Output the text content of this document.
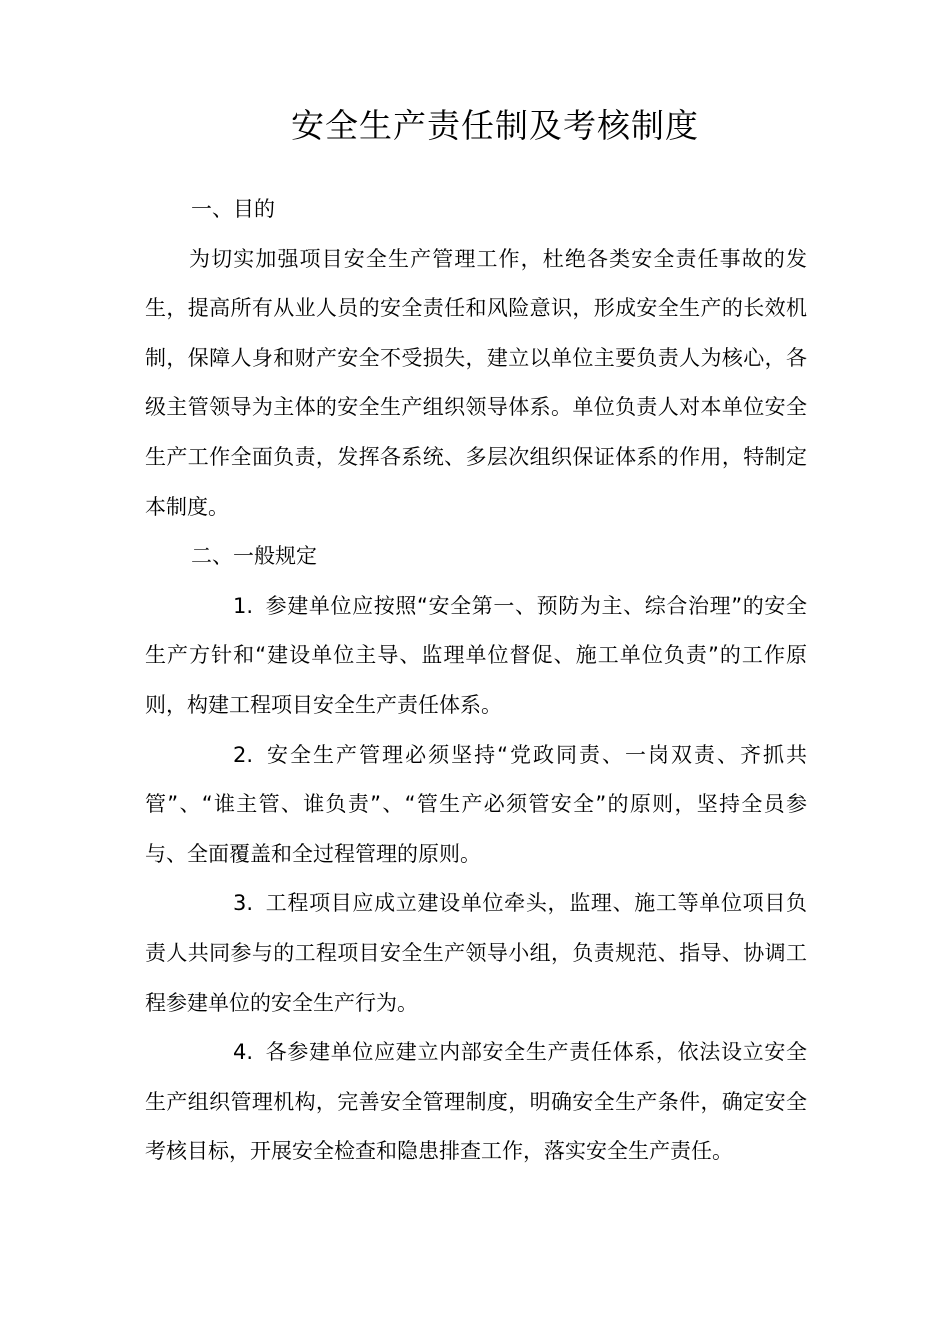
安全生产责任制及考核制度

一、目的

为切实加强项目安全生产管理工作，杜绝各类安全责任事故的发生，提高所有从业人员的安全责任和风险意识，形成安全生产的长效机制，保障人身和财产安全不受损失，建立以单位主要负责人为核心，各级主管领导为主体的安全生产组织领导体系。单位负责人对本单位安全生产工作全面负责，发挥各系统、多层次组织保证体系的作用，特制定本制度。

二、一般规定

1. 参建单位应按照“安全第一、预防为主、综合治理”的安全生产方针和“建设单位主导、监理单位督促、施工单位负责”的工作原则，构建工程项目安全生产责任体系。

2. 安全生产管理必须坚持“党政同责、一岗双责、齐抓共管”、“谁主管、谁负责”、“管生产必须管安全”的原则，坚持全员参与、全面覆盖和全过程管理的原则。

3. 工程项目应成立建设单位牵头，监理、施工等单位项目负责人共同参与的工程项目安全生产领导小组，负责规范、指导、协调工程参建单位的安全生产行为。

4. 各参建单位应建立内部安全生产责任体系，依法设立安全生产组织管理机构，完善安全管理制度，明确安全生产条件，确定安全考核目标，开展安全检查和隐患排查工作，落实安全生产责任。
